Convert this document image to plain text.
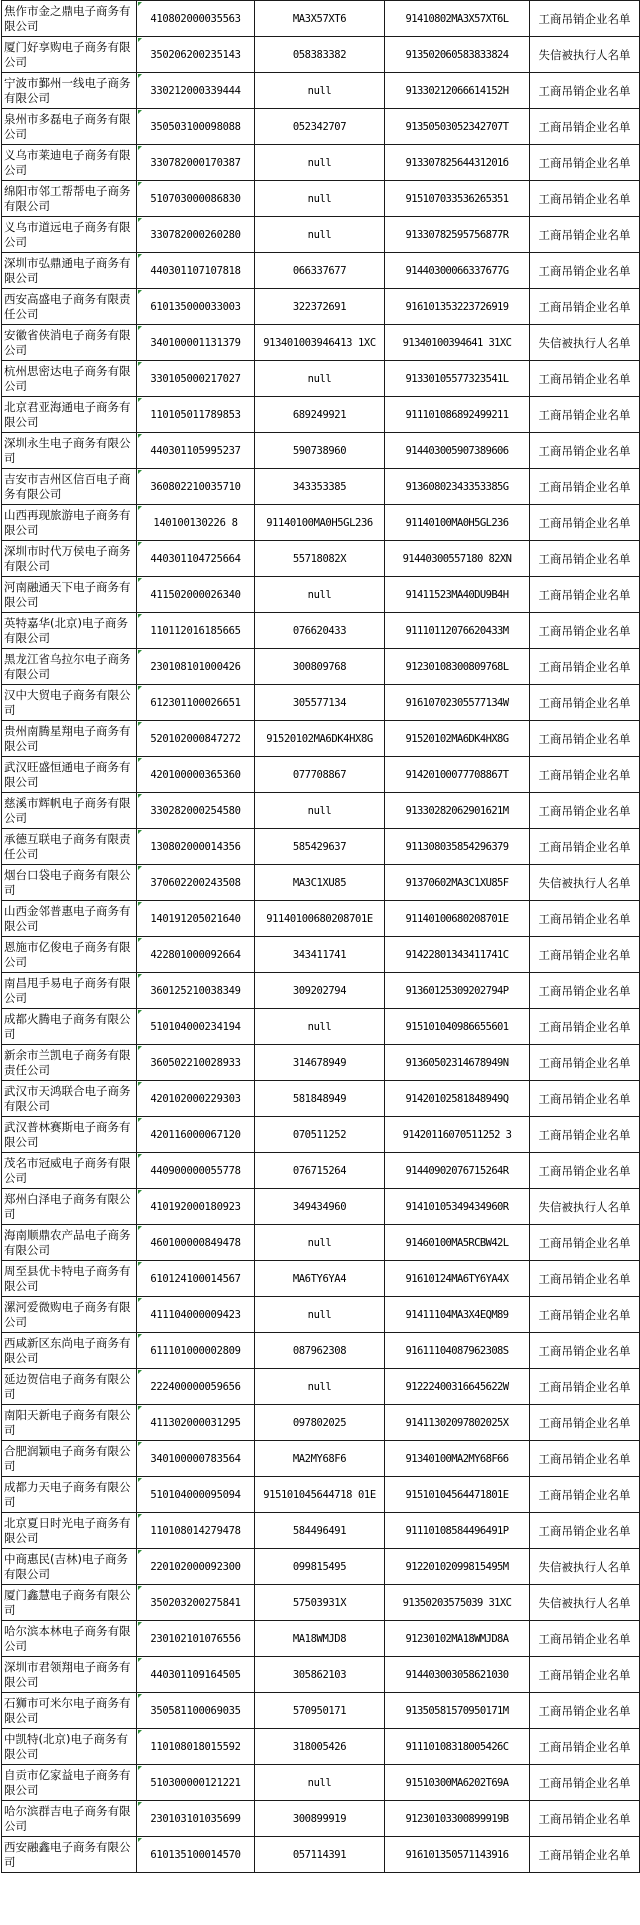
焦作市金之鼎电子商务有限公司	410802000035563	MA3X57XT6	91410802MA3X57XT6L	工商吊销企业名单
厦门好享购电子商务有限公司	350206200235143	058383382	913502060583833824	失信被执行人名单
宁波市鄞州一线电子商务有限公司	330212000339444	null	91330212066614152H	工商吊销企业名单
泉州市多磊电子商务有限公司	350503100098088	052342707	91350503052342707T	工商吊销企业名单
义乌市莱迪电子商务有限公司	330782000170387	null	91330782564431201б	工商吊销企业名单
绵阳市邻工帮帮电子商务有限公司	510703000086830	null	915107033536265351	工商吊销企业名单
义乌市道远电子商务有限公司	330782000260280	null	91330782595756877R	工商吊销企业名单
深圳市弘鼎通电子商务有限公司	440301107107818	066337677	91440300066337677G	工商吊销企业名单
西安高盛电子商务有限责任公司	610135000033003	322372691	916101353223726919	工商吊销企业名单
安徽省侠消电子商务有限公司	340100001131379	913401003946413 1XC	91340100394641 31XC	失信被执行人名单
杭州思密达电子商务有限公司	330105000217027	null	91330105577323541L	工商吊销企业名单
北京君亚海通电子商务有限公司	110105011789853	689249921	911101086892499211	工商吊销企业名单
深圳永生电子商务有限公司	440301105995237	590738960	914403005907389606	工商吊销企业名单
吉安市吉州区信百电子商务有限公司	360802210035710	343353385	91360802343353385G	工商吊销企业名单
山西再现旅游电子商务有限公司	140100130226 8	91140100MA0H5GL236	91140100MA0H5GL236	工商吊销企业名单
深圳市时代万侯电子商务有限公司	440301104725664	55718082X	91440300557180 82XN	工商吊销企业名单
河南融通天下电子商务有限公司	411502000026340	null	91411523MA40DU9B4H	工商吊销企业名单
英特嘉华(北京)电子商务有限公司	110112016185665	076620433	91110112076620433M	工商吊销企业名单
黑龙江省乌拉尔电子商务有限公司	230108101000426	300809768	91230108300809768L	工商吊销企业名单
汉中大贸电子商务有限公司	612301100026651	305577134	91610702305577134W	工商吊销企业名单
贵州南腾星翔电子商务有限公司	520102000847272	91520102MA6DK4HX8G	91520102MA6DK4HX8G	工商吊销企业名单
武汉旺盛恒通电子商务有限公司	420100000365360	077708867	91420100077708867T	工商吊销企业名单
慈溪市辉帆电子商务有限公司	330282000254580	null	91330282062901621M	工商吊销企业名单
承德互联电子商务有限责任公司	130802000014356	585429637	911308035854296379	工商吊销企业名单
烟台口袋电子商务有限公司	370602200243508	MA3C1XU85	91370602MA3C1XU85F	失信被执行人名单
山西金邻普惠电子商务有限公司	140191205021640	91140100680208701E	91140100680208701E	工商吊销企业名单
恩施市亿俊电子商务有限公司	422801000092664	343411741	91422801343411741C	工商吊销企业名单
南昌甩手易电子商务有限公司	360125210038349	309202794	91360125309202794P	工商吊销企业名单
成都火腾电子商务有限公司	510104000234194	null	915101040986655601	工商吊销企业名单
新余市兰凯电子商务有限责任公司	360502210028933	314678949	91360502314678949N	工商吊销企业名单
武汉市天鸿联合电子商务有限公司	420102000229303	581848949	91420102581848949Q	工商吊销企业名单
武汉普林赛斯电子商务有限公司	420116000067120	070511252	91420116070511252 3	工商吊销企业名单
茂名市冠威电子商务有限公司	440900000055778	076715264	91440902076715264R	工商吊销企业名单
郑州白泽电子商务有限公司	410192000180923	349434960	91410105349434960R	失信被执行人名单
海南顺鼎农产品电子商务有限公司	460100000849478	null	91460100MA5RCBW42L	工商吊销企业名单
周至县优卡特电子商务有限公司	610124100014567	MA6TY6YA4	91610124MA6TY6YA4X	工商吊销企业名单
漯河爱微购电子商务有限公司	411104000009423	null	91411104MA3X4EQM89	工商吊销企业名单
西咸新区东尚电子商务有限公司	611101000002809	087962308	91611104087962308S	工商吊销企业名单
延边贺信电子商务有限公司	222400000059656	null	91222400316645622W	工商吊销企业名单
南阳天新电子商务有限公司	411302000031295	097802025	91411302097802025X	工商吊销企业名单
合肥润颖电子商务有限公司	340100000783564	MA2MY68F6	91340100MA2MY68F66	工商吊销企业名单
成都力天电子商务有限公司	510104000095094	915101045644718 01E	91510104564471801E	工商吊销企业名单
北京夏日时光电子商务有限公司	110108014279478	584496491	91110108584496491P	工商吊销企业名单
中商惠民(吉林)电子商务有限公司	220102000092300	099815495	91220102099815495M	失信被执行人名单
厦门鑫慧电子商务有限公司	350203200275841	57503931X	91350203575039 31XC	失信被执行人名单
哈尔滨本林电子商务有限公司	230102101076556	MA18WMJD8	91230102MA18WMJD8A	工商吊销企业名单
深圳市君领翔电子商务有限公司	440301109164505	305862103	914403003058621030	工商吊销企业名单
石狮市可米尔电子商务有限公司	350581100069035	570950171	91350581570950171M	工商吊销企业名单
中凯特(北京)电子商务有限公司	110108018015592	318005426	91110108318005426C	工商吊销企业名单
自贡市亿家益电子商务有限公司	510300000121221	null	91510300MA6202T69A	工商吊销企业名单
哈尔滨群吉电子商务有限公司	230103101035699	300899919	91230103300899919B	工商吊销企业名单
西安融鑫电子商务有限公司	610135100014570	057114391	916101350571143916	工商吊销企业名单
